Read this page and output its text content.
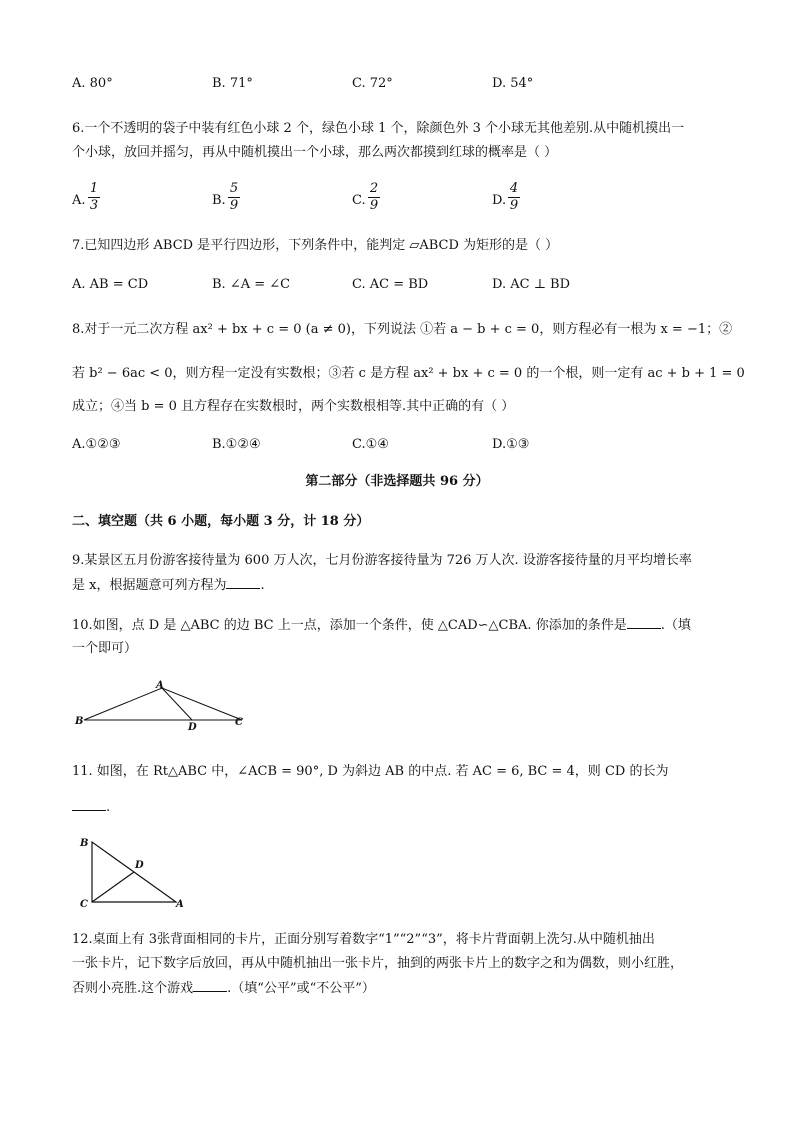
A. 80°	B. 71°	C. 72°	D. 54°
6.一个不透明的袋子中装有红色小球 2 个，绿色小球 1 个，除颜色外 3 个小球无其他差别.从中随机摸出一
个小球，放回并摇匀，再从中随机摸出一个小球，那么两次都摸到红球的概率是（ ）
A.
1
3	B.
5
9	C.
2
9	D.
4
9
7.已知四边形 ABCD 是平行四边形，下列条件中，能判定 ▱ABCD 为矩形的是（ ）
A. AB = CD	B. ∠A = ∠C	C. AC = BD	D. AC ⊥ BD
8.对于一元二次方程 ax² + bx + c = 0 (a ≠ 0)，下列说法 ①若 a − b + c = 0，则方程必有一根为 x = −1；②
若 b² − 6ac < 0，则方程一定没有实数根；③若 c 是方程 ax² + bx + c = 0 的一个根，则一定有 ac + b + 1 = 0
成立；④当 b = 0 且方程存在实数根时，两个实数根相等.其中正确的有（ ）
A.①②③	B.①②④	C.①④	D.①③
第二部分（非选择题共 96 分）
二、填空题（共 6 小题，每小题 3 分，计 18 分）
9.某景区五月份游客接待量为 600 万人次，七月份游客接待量为 726 万人次. 设游客接待量的月平均增长率
是 x，根据题意可列方程为	.
10.如图，点 D 是 △ABC 的边 BC 上一点，添加一个条件，使 △CAD∽△CBA. 你添加的条件是	.（填
一个即可）
A
B	C
D
11. 如图，在 Rt△ABC 中，∠ACB = 90°, D 为斜边 AB 的中点. 若 AC = 6, BC = 4，则 CD 的长为
.
B
C	A
D
12.桌面上有 3张背面相同的卡片，正面分别写着数字“1”“2”“3”，将卡片背面朝上洗匀.从中随机抽出
一张卡片，记下数字后放回，再从中随机抽出一张卡片，抽到的两张卡片上的数字之和为偶数，则小红胜，
否则小亮胜.这个游戏	.（填“公平”或“不公平”）
